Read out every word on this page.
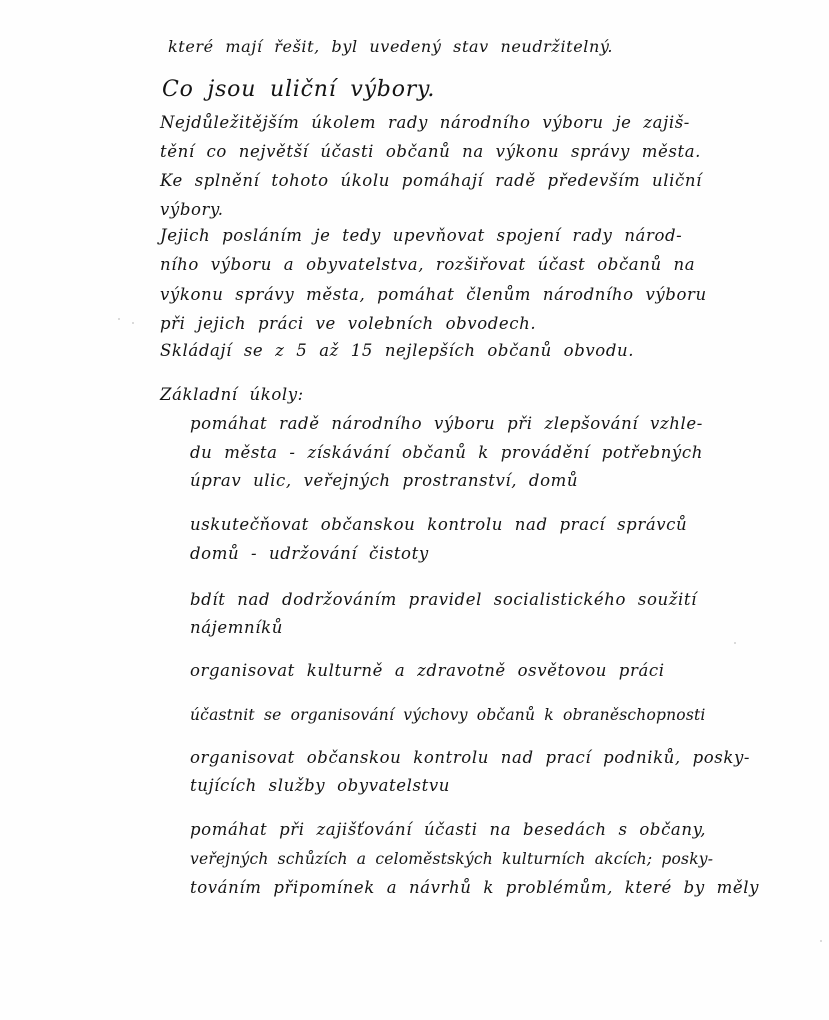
které mají řešit, byl uvedený stav neudržitelný.
Co jsou uliční výbory.
Nejdůležitějším úkolem rady národního výboru je zajiš-
tění co největší účasti občanů na výkonu správy města.
Ke splnění tohoto úkolu pomáhají radě především uliční
výbory.
Jejich posláním je tedy upevňovat spojení rady národ-
ního výboru a obyvatelstva, rozšiřovat účast občanů na
výkonu správy města, pomáhat členům národního výboru
při jejich práci ve volebních obvodech.
Skládají se z 5 až 15 nejlepších občanů obvodu.
Základní úkoly:
pomáhat radě národního výboru při zlepšování vzhle-
du města - získávání občanů k provádění potřebných
úprav ulic, veřejných prostranství, domů
uskutečňovat občanskou kontrolu nad prací správců
domů - udržování čistoty
bdít nad dodržováním pravidel socialistického soužití
nájemníků
organisovat kulturně a zdravotně osvětovou práci
účastnit se organisování výchovy občanů k obraněschopnosti
organisovat občanskou kontrolu nad prací podniků, posky-
tujících služby obyvatelstvu
pomáhat při zajišťování účasti na besedách s občany,
veřejných schůzích a celoměstských kulturních akcích; posky-
továním připomínek a návrhů k problémům, které by měly
